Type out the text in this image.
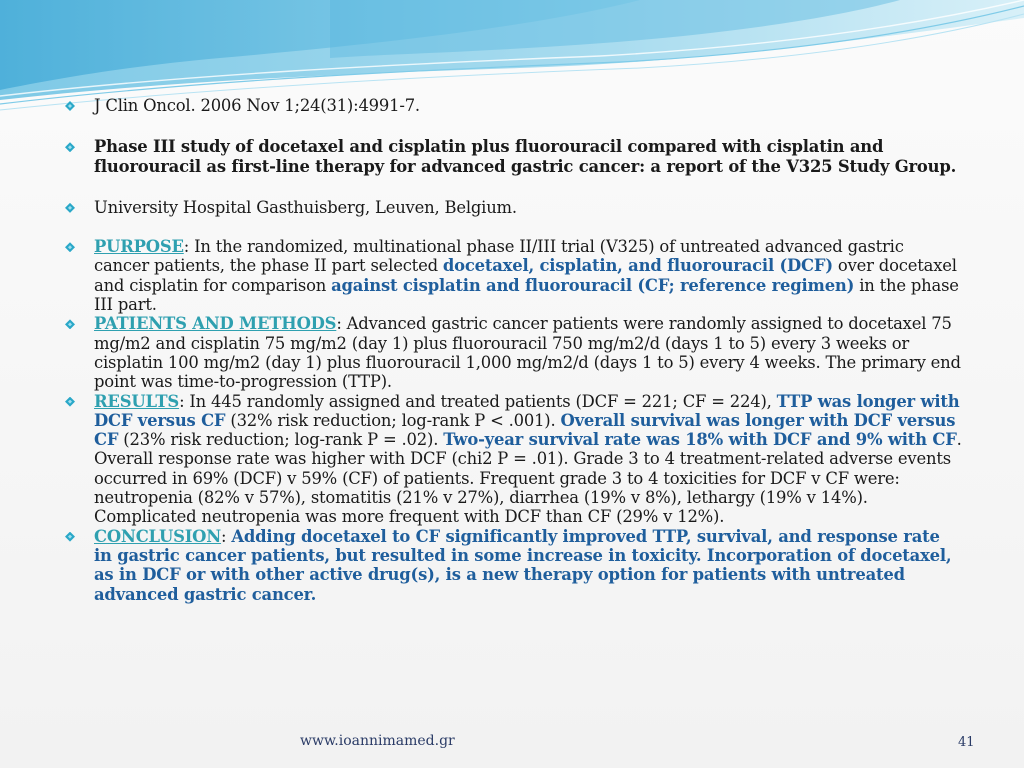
J Clin Oncol. 2006 Nov 1;24(31):4991-7.
Phase III study of docetaxel and cisplatin plus fluorouracil compared with cisplatin and fluorouracil as first-line therapy for advanced gastric cancer: a report of the V325 Study Group.
University Hospital Gasthuisberg, Leuven, Belgium.
PURPOSE: In the randomized, multinational phase II/III trial (V325) of untreated advanced gastric cancer patients, the phase II part selected docetaxel, cisplatin, and fluorouracil (DCF) over docetaxel and cisplatin for comparison against cisplatin and fluorouracil (CF; reference regimen) in the phase III part.
PATIENTS AND METHODS: Advanced gastric cancer patients were randomly assigned to docetaxel 75 mg/m2 and cisplatin 75 mg/m2 (day 1) plus fluorouracil 750 mg/m2/d (days 1 to 5) every 3 weeks or cisplatin 100 mg/m2 (day 1) plus fluorouracil 1,000 mg/m2/d (days 1 to 5) every 4 weeks. The primary end point was time-to-progression (TTP).
RESULTS: In 445 randomly assigned and treated patients (DCF = 221; CF = 224), TTP was longer with DCF versus CF (32% risk reduction; log-rank P < .001). Overall survival was longer with DCF versus CF (23% risk reduction; log-rank P = .02). Two-year survival rate was 18% with DCF and 9% with CF. Overall response rate was higher with DCF (chi2 P = .01). Grade 3 to 4 treatment-related adverse events occurred in 69% (DCF) v 59% (CF) of patients. Frequent grade 3 to 4 toxicities for DCF v CF were: neutropenia (82% v 57%), stomatitis (21% v 27%), diarrhea (19% v 8%), lethargy (19% v 14%). Complicated neutropenia was more frequent with DCF than CF (29% v 12%).
CONCLUSION: Adding docetaxel to CF significantly improved TTP, survival, and response rate in gastric cancer patients, but resulted in some increase in toxicity. Incorporation of docetaxel, as in DCF or with other active drug(s), is a new therapy option for patients with untreated advanced gastric cancer.
www.ioannimamed.gr	41
